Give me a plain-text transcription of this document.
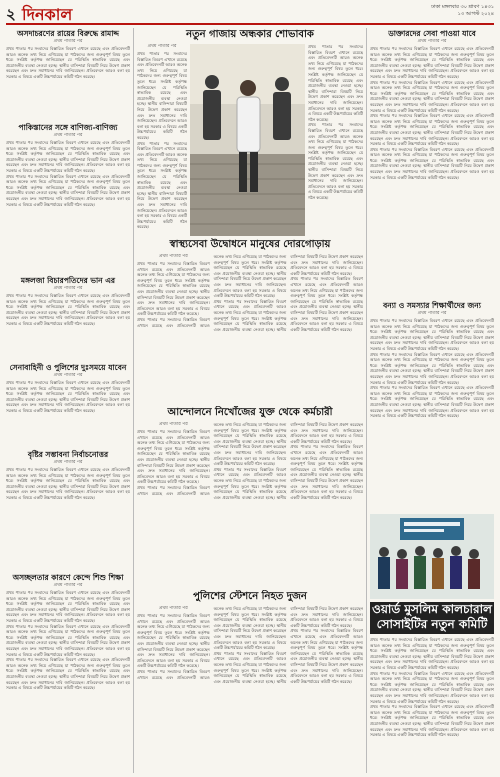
২ দিনকাল	ঢাকা মঙ্গলবার ৩০ শ্রাবণ ১৪৩১
১৩ আগস্ট ২০২৪
অসদাচরণের রায়ের বিরুদ্ধে রামাদ্দ
প্রথম পাতার পর
প্রথম পাতার পর সংবাদের বিস্তারিত বিবরণ এখানে রয়েছে এবং প্রতিবেদনটি আরও অনেক তথ্য নিয়ে এগিয়েছে যা পাঠকদের জন্য গুরুত্বপূর্ণ বিষয় তুলে ধরে। সংশ্লিষ্ট কর্তৃপক্ষ জানিয়েছেন যে পরিস্থিতি স্বাভাবিক রয়েছে এবং প্রয়োজনীয় ব্যবস্থা নেওয়া হচ্ছে। স্থানীয় বাসিন্দারা বিষয়টি নিয়ে উদ্বেগ প্রকাশ করেছেন এবং দ্রুত সমাধানের দাবি জানিয়েছেন। প্রতিবেদনে আরও বলা হয় সরকার এ বিষয়ে একটি উচ্চপর্যায়ের কমিটি গঠন করেছে।
পাকিস্তানের সঙ্গে বাণিজ্য-বাণিজ্য
প্রথম পাতার পর
প্রথম পাতার পর সংবাদের বিস্তারিত বিবরণ এখানে রয়েছে এবং প্রতিবেদনটি আরও অনেক তথ্য নিয়ে এগিয়েছে যা পাঠকদের জন্য গুরুত্বপূর্ণ বিষয় তুলে ধরে। সংশ্লিষ্ট কর্তৃপক্ষ জানিয়েছেন যে পরিস্থিতি স্বাভাবিক রয়েছে এবং প্রয়োজনীয় ব্যবস্থা নেওয়া হচ্ছে। স্থানীয় বাসিন্দারা বিষয়টি নিয়ে উদ্বেগ প্রকাশ করেছেন এবং দ্রুত সমাধানের দাবি জানিয়েছেন। প্রতিবেদনে আরও বলা হয় সরকার এ বিষয়ে একটি উচ্চপর্যায়ের কমিটি গঠন করেছে।
প্রথম পাতার পর সংবাদের বিস্তারিত বিবরণ এখানে রয়েছে এবং প্রতিবেদনটি আরও অনেক তথ্য নিয়ে এগিয়েছে যা পাঠকদের জন্য গুরুত্বপূর্ণ বিষয় তুলে ধরে। সংশ্লিষ্ট কর্তৃপক্ষ জানিয়েছেন যে পরিস্থিতি স্বাভাবিক রয়েছে এবং প্রয়োজনীয় ব্যবস্থা নেওয়া হচ্ছে। স্থানীয় বাসিন্দারা বিষয়টি নিয়ে উদ্বেগ প্রকাশ করেছেন এবং দ্রুত সমাধানের দাবি জানিয়েছেন। প্রতিবেদনে আরও বলা হয় সরকার এ বিষয়ে একটি উচ্চপর্যায়ের কমিটি গঠন করেছে।
মঙ্গলজা বিচারপতিদের ভান এর
প্রথম পাতার পর
প্রথম পাতার পর সংবাদের বিস্তারিত বিবরণ এখানে রয়েছে এবং প্রতিবেদনটি আরও অনেক তথ্য নিয়ে এগিয়েছে যা পাঠকদের জন্য গুরুত্বপূর্ণ বিষয় তুলে ধরে। সংশ্লিষ্ট কর্তৃপক্ষ জানিয়েছেন যে পরিস্থিতি স্বাভাবিক রয়েছে এবং প্রয়োজনীয় ব্যবস্থা নেওয়া হচ্ছে। স্থানীয় বাসিন্দারা বিষয়টি নিয়ে উদ্বেগ প্রকাশ করেছেন এবং দ্রুত সমাধানের দাবি জানিয়েছেন। প্রতিবেদনে আরও বলা হয় সরকার এ বিষয়ে একটি উচ্চপর্যায়ের কমিটি গঠন করেছে।
সেনাবাহিনী ও পুলিশের দুঃসময়ে যাবেন
প্রথম পাতার পর
প্রথম পাতার পর সংবাদের বিস্তারিত বিবরণ এখানে রয়েছে এবং প্রতিবেদনটি আরও অনেক তথ্য নিয়ে এগিয়েছে যা পাঠকদের জন্য গুরুত্বপূর্ণ বিষয় তুলে ধরে। সংশ্লিষ্ট কর্তৃপক্ষ জানিয়েছেন যে পরিস্থিতি স্বাভাবিক রয়েছে এবং প্রয়োজনীয় ব্যবস্থা নেওয়া হচ্ছে। স্থানীয় বাসিন্দারা বিষয়টি নিয়ে উদ্বেগ প্রকাশ করেছেন এবং দ্রুত সমাধানের দাবি জানিয়েছেন। প্রতিবেদনে আরও বলা হয় সরকার এ বিষয়ে একটি উচ্চপর্যায়ের কমিটি গঠন করেছে।
বৃষ্টির সম্ভাবনা নির্বাচনোত্তর
প্রথম পাতার পর
প্রথম পাতার পর সংবাদের বিস্তারিত বিবরণ এখানে রয়েছে এবং প্রতিবেদনটি আরও অনেক তথ্য নিয়ে এগিয়েছে যা পাঠকদের জন্য গুরুত্বপূর্ণ বিষয় তুলে ধরে। সংশ্লিষ্ট কর্তৃপক্ষ জানিয়েছেন যে পরিস্থিতি স্বাভাবিক রয়েছে এবং প্রয়োজনীয় ব্যবস্থা নেওয়া হচ্ছে। স্থানীয় বাসিন্দারা বিষয়টি নিয়ে উদ্বেগ প্রকাশ করেছেন এবং দ্রুত সমাধানের দাবি জানিয়েছেন। প্রতিবেদনে আরও বলা হয় সরকার এ বিষয়ে একটি উচ্চপর্যায়ের কমিটি গঠন করেছে।
অসচ্ছলতার কারণে কেন্দে শিশু শিক্ষা
প্রথম পাতার পর
প্রথম পাতার পর সংবাদের বিস্তারিত বিবরণ এখানে রয়েছে এবং প্রতিবেদনটি আরও অনেক তথ্য নিয়ে এগিয়েছে যা পাঠকদের জন্য গুরুত্বপূর্ণ বিষয় তুলে ধরে। সংশ্লিষ্ট কর্তৃপক্ষ জানিয়েছেন যে পরিস্থিতি স্বাভাবিক রয়েছে এবং প্রয়োজনীয় ব্যবস্থা নেওয়া হচ্ছে। স্থানীয় বাসিন্দারা বিষয়টি নিয়ে উদ্বেগ প্রকাশ করেছেন এবং দ্রুত সমাধানের দাবি জানিয়েছেন। প্রতিবেদনে আরও বলা হয় সরকার এ বিষয়ে একটি উচ্চপর্যায়ের কমিটি গঠন করেছে।
প্রথম পাতার পর সংবাদের বিস্তারিত বিবরণ এখানে রয়েছে এবং প্রতিবেদনটি আরও অনেক তথ্য নিয়ে এগিয়েছে যা পাঠকদের জন্য গুরুত্বপূর্ণ বিষয় তুলে ধরে। সংশ্লিষ্ট কর্তৃপক্ষ জানিয়েছেন যে পরিস্থিতি স্বাভাবিক রয়েছে এবং প্রয়োজনীয় ব্যবস্থা নেওয়া হচ্ছে। স্থানীয় বাসিন্দারা বিষয়টি নিয়ে উদ্বেগ প্রকাশ করেছেন এবং দ্রুত সমাধানের দাবি জানিয়েছেন। প্রতিবেদনে আরও বলা হয় সরকার এ বিষয়ে একটি উচ্চপর্যায়ের কমিটি গঠন করেছে।
প্রথম পাতার পর সংবাদের বিস্তারিত বিবরণ এখানে রয়েছে এবং প্রতিবেদনটি আরও অনেক তথ্য নিয়ে এগিয়েছে যা পাঠকদের জন্য গুরুত্বপূর্ণ বিষয় তুলে ধরে। সংশ্লিষ্ট কর্তৃপক্ষ জানিয়েছেন যে পরিস্থিতি স্বাভাবিক রয়েছে এবং প্রয়োজনীয় ব্যবস্থা নেওয়া হচ্ছে। স্থানীয় বাসিন্দারা বিষয়টি নিয়ে উদ্বেগ প্রকাশ করেছেন এবং দ্রুত সমাধানের দাবি জানিয়েছেন। প্রতিবেদনে আরও বলা হয় সরকার এ বিষয়ে একটি উচ্চপর্যায়ের কমিটি গঠন করেছে।
নতুন গাজায় অন্ধকার শোভাবাক
প্রথম পাতার পর
প্রথম পাতার পর সংবাদের বিস্তারিত বিবরণ এখানে রয়েছে এবং প্রতিবেদনটি আরও অনেক তথ্য নিয়ে এগিয়েছে যা পাঠকদের জন্য গুরুত্বপূর্ণ বিষয় তুলে ধরে। সংশ্লিষ্ট কর্তৃপক্ষ জানিয়েছেন যে পরিস্থিতি স্বাভাবিক রয়েছে এবং প্রয়োজনীয় ব্যবস্থা নেওয়া হচ্ছে। স্থানীয় বাসিন্দারা বিষয়টি নিয়ে উদ্বেগ প্রকাশ করেছেন এবং দ্রুত সমাধানের দাবি জানিয়েছেন। প্রতিবেদনে আরও বলা হয় সরকার এ বিষয়ে একটি উচ্চপর্যায়ের কমিটি গঠন করেছে।
প্রথম পাতার পর সংবাদের বিস্তারিত বিবরণ এখানে রয়েছে এবং প্রতিবেদনটি আরও অনেক তথ্য নিয়ে এগিয়েছে যা পাঠকদের জন্য গুরুত্বপূর্ণ বিষয় তুলে ধরে। সংশ্লিষ্ট কর্তৃপক্ষ জানিয়েছেন যে পরিস্থিতি স্বাভাবিক রয়েছে এবং প্রয়োজনীয় ব্যবস্থা নেওয়া হচ্ছে। স্থানীয় বাসিন্দারা বিষয়টি নিয়ে উদ্বেগ প্রকাশ করেছেন এবং দ্রুত সমাধানের দাবি জানিয়েছেন। প্রতিবেদনে আরও বলা হয় সরকার এ বিষয়ে একটি উচ্চপর্যায়ের কমিটি গঠন করেছে।
প্রথম পাতার পর সংবাদের বিস্তারিত বিবরণ এখানে রয়েছে এবং প্রতিবেদনটি আরও অনেক তথ্য নিয়ে এগিয়েছে যা পাঠকদের জন্য গুরুত্বপূর্ণ বিষয় তুলে ধরে। সংশ্লিষ্ট কর্তৃপক্ষ জানিয়েছেন যে পরিস্থিতি স্বাভাবিক রয়েছে এবং প্রয়োজনীয় ব্যবস্থা নেওয়া হচ্ছে। স্থানীয় বাসিন্দারা বিষয়টি নিয়ে উদ্বেগ প্রকাশ করেছেন এবং দ্রুত সমাধানের দাবি জানিয়েছেন। প্রতিবেদনে আরও বলা হয় সরকার এ বিষয়ে একটি উচ্চপর্যায়ের কমিটি গঠন করেছে।
প্রথম পাতার পর সংবাদের বিস্তারিত বিবরণ এখানে রয়েছে এবং প্রতিবেদনটি আরও অনেক তথ্য নিয়ে এগিয়েছে যা পাঠকদের জন্য গুরুত্বপূর্ণ বিষয় তুলে ধরে। সংশ্লিষ্ট কর্তৃপক্ষ জানিয়েছেন যে পরিস্থিতি স্বাভাবিক রয়েছে এবং প্রয়োজনীয় ব্যবস্থা নেওয়া হচ্ছে। স্থানীয় বাসিন্দারা বিষয়টি নিয়ে উদ্বেগ প্রকাশ করেছেন এবং দ্রুত সমাধানের দাবি জানিয়েছেন। প্রতিবেদনে আরও বলা হয় সরকার এ বিষয়ে একটি উচ্চপর্যায়ের কমিটি গঠন করেছে।
স্বাস্থ্যসেবা উদ্বোধনে মানুষের দোরগোড়ায়
প্রথম পাতার পর
প্রথম পাতার পর সংবাদের বিস্তারিত বিবরণ এখানে রয়েছে এবং প্রতিবেদনটি আরও অনেক তথ্য নিয়ে এগিয়েছে যা পাঠকদের জন্য গুরুত্বপূর্ণ বিষয় তুলে ধরে। সংশ্লিষ্ট কর্তৃপক্ষ জানিয়েছেন যে পরিস্থিতি স্বাভাবিক রয়েছে এবং প্রয়োজনীয় ব্যবস্থা নেওয়া হচ্ছে। স্থানীয় বাসিন্দারা বিষয়টি নিয়ে উদ্বেগ প্রকাশ করেছেন এবং দ্রুত সমাধানের দাবি জানিয়েছেন। প্রতিবেদনে আরও বলা হয় সরকার এ বিষয়ে একটি উচ্চপর্যায়ের কমিটি গঠন করেছে।
প্রথম পাতার পর সংবাদের বিস্তারিত বিবরণ এখানে রয়েছে এবং প্রতিবেদনটি আরও অনেক তথ্য নিয়ে এগিয়েছে যা পাঠকদের জন্য গুরুত্বপূর্ণ বিষয় তুলে ধরে। সংশ্লিষ্ট কর্তৃপক্ষ জানিয়েছেন যে পরিস্থিতি স্বাভাবিক রয়েছে এবং প্রয়োজনীয় ব্যবস্থা নেওয়া হচ্ছে। স্থানীয় বাসিন্দারা বিষয়টি নিয়ে উদ্বেগ প্রকাশ করেছেন এবং দ্রুত সমাধানের দাবি জানিয়েছেন। প্রতিবেদনে আরও বলা হয় সরকার এ বিষয়ে একটি উচ্চপর্যায়ের কমিটি গঠন করেছে।
প্রথম পাতার পর সংবাদের বিস্তারিত বিবরণ এখানে রয়েছে এবং প্রতিবেদনটি আরও অনেক তথ্য নিয়ে এগিয়েছে যা পাঠকদের জন্য গুরুত্বপূর্ণ বিষয় তুলে ধরে। সংশ্লিষ্ট কর্তৃপক্ষ জানিয়েছেন যে পরিস্থিতি স্বাভাবিক রয়েছে এবং প্রয়োজনীয় ব্যবস্থা নেওয়া হচ্ছে। স্থানীয় বাসিন্দারা বিষয়টি নিয়ে উদ্বেগ প্রকাশ করেছেন এবং দ্রুত সমাধানের দাবি জানিয়েছেন। প্রতিবেদনে আরও বলা হয় সরকার এ বিষয়ে একটি উচ্চপর্যায়ের কমিটি গঠন করেছে।
প্রথম পাতার পর সংবাদের বিস্তারিত বিবরণ এখানে রয়েছে এবং প্রতিবেদনটি আরও অনেক তথ্য নিয়ে এগিয়েছে যা পাঠকদের জন্য গুরুত্বপূর্ণ বিষয় তুলে ধরে। সংশ্লিষ্ট কর্তৃপক্ষ জানিয়েছেন যে পরিস্থিতি স্বাভাবিক রয়েছে এবং প্রয়োজনীয় ব্যবস্থা নেওয়া হচ্ছে। স্থানীয় বাসিন্দারা বিষয়টি নিয়ে উদ্বেগ প্রকাশ করেছেন এবং দ্রুত সমাধানের দাবি জানিয়েছেন। প্রতিবেদনে আরও বলা হয় সরকার এ বিষয়ে একটি উচ্চপর্যায়ের কমিটি গঠন করেছে।
আন্দোলনে নিখোঁজের যুক্ত থেকে কর্মচারী
প্রথম পাতার পর
প্রথম পাতার পর সংবাদের বিস্তারিত বিবরণ এখানে রয়েছে এবং প্রতিবেদনটি আরও অনেক তথ্য নিয়ে এগিয়েছে যা পাঠকদের জন্য গুরুত্বপূর্ণ বিষয় তুলে ধরে। সংশ্লিষ্ট কর্তৃপক্ষ জানিয়েছেন যে পরিস্থিতি স্বাভাবিক রয়েছে এবং প্রয়োজনীয় ব্যবস্থা নেওয়া হচ্ছে। স্থানীয় বাসিন্দারা বিষয়টি নিয়ে উদ্বেগ প্রকাশ করেছেন এবং দ্রুত সমাধানের দাবি জানিয়েছেন। প্রতিবেদনে আরও বলা হয় সরকার এ বিষয়ে একটি উচ্চপর্যায়ের কমিটি গঠন করেছে।
প্রথম পাতার পর সংবাদের বিস্তারিত বিবরণ এখানে রয়েছে এবং প্রতিবেদনটি আরও অনেক তথ্য নিয়ে এগিয়েছে যা পাঠকদের জন্য গুরুত্বপূর্ণ বিষয় তুলে ধরে। সংশ্লিষ্ট কর্তৃপক্ষ জানিয়েছেন যে পরিস্থিতি স্বাভাবিক রয়েছে এবং প্রয়োজনীয় ব্যবস্থা নেওয়া হচ্ছে। স্থানীয় বাসিন্দারা বিষয়টি নিয়ে উদ্বেগ প্রকাশ করেছেন এবং দ্রুত সমাধানের দাবি জানিয়েছেন। প্রতিবেদনে আরও বলা হয় সরকার এ বিষয়ে একটি উচ্চপর্যায়ের কমিটি গঠন করেছে।
প্রথম পাতার পর সংবাদের বিস্তারিত বিবরণ এখানে রয়েছে এবং প্রতিবেদনটি আরও অনেক তথ্য নিয়ে এগিয়েছে যা পাঠকদের জন্য গুরুত্বপূর্ণ বিষয় তুলে ধরে। সংশ্লিষ্ট কর্তৃপক্ষ জানিয়েছেন যে পরিস্থিতি স্বাভাবিক রয়েছে এবং প্রয়োজনীয় ব্যবস্থা নেওয়া হচ্ছে। স্থানীয় বাসিন্দারা বিষয়টি নিয়ে উদ্বেগ প্রকাশ করেছেন এবং দ্রুত সমাধানের দাবি জানিয়েছেন। প্রতিবেদনে আরও বলা হয় সরকার এ বিষয়ে একটি উচ্চপর্যায়ের কমিটি গঠন করেছে।
প্রথম পাতার পর সংবাদের বিস্তারিত বিবরণ এখানে রয়েছে এবং প্রতিবেদনটি আরও অনেক তথ্য নিয়ে এগিয়েছে যা পাঠকদের জন্য গুরুত্বপূর্ণ বিষয় তুলে ধরে। সংশ্লিষ্ট কর্তৃপক্ষ জানিয়েছেন যে পরিস্থিতি স্বাভাবিক রয়েছে এবং প্রয়োজনীয় ব্যবস্থা নেওয়া হচ্ছে। স্থানীয় বাসিন্দারা বিষয়টি নিয়ে উদ্বেগ প্রকাশ করেছেন এবং দ্রুত সমাধানের দাবি জানিয়েছেন। প্রতিবেদনে আরও বলা হয় সরকার এ বিষয়ে একটি উচ্চপর্যায়ের কমিটি গঠন করেছে।
পুলিশের স্টেশনে নিহত দুজন
প্রথম পাতার পর
প্রথম পাতার পর সংবাদের বিস্তারিত বিবরণ এখানে রয়েছে এবং প্রতিবেদনটি আরও অনেক তথ্য নিয়ে এগিয়েছে যা পাঠকদের জন্য গুরুত্বপূর্ণ বিষয় তুলে ধরে। সংশ্লিষ্ট কর্তৃপক্ষ জানিয়েছেন যে পরিস্থিতি স্বাভাবিক রয়েছে এবং প্রয়োজনীয় ব্যবস্থা নেওয়া হচ্ছে। স্থানীয় বাসিন্দারা বিষয়টি নিয়ে উদ্বেগ প্রকাশ করেছেন এবং দ্রুত সমাধানের দাবি জানিয়েছেন। প্রতিবেদনে আরও বলা হয় সরকার এ বিষয়ে একটি উচ্চপর্যায়ের কমিটি গঠন করেছে।
প্রথম পাতার পর সংবাদের বিস্তারিত বিবরণ এখানে রয়েছে এবং প্রতিবেদনটি আরও অনেক তথ্য নিয়ে এগিয়েছে যা পাঠকদের জন্য গুরুত্বপূর্ণ বিষয় তুলে ধরে। সংশ্লিষ্ট কর্তৃপক্ষ জানিয়েছেন যে পরিস্থিতি স্বাভাবিক রয়েছে এবং প্রয়োজনীয় ব্যবস্থা নেওয়া হচ্ছে। স্থানীয় বাসিন্দারা বিষয়টি নিয়ে উদ্বেগ প্রকাশ করেছেন এবং দ্রুত সমাধানের দাবি জানিয়েছেন। প্রতিবেদনে আরও বলা হয় সরকার এ বিষয়ে একটি উচ্চপর্যায়ের কমিটি গঠন করেছে।
প্রথম পাতার পর সংবাদের বিস্তারিত বিবরণ এখানে রয়েছে এবং প্রতিবেদনটি আরও অনেক তথ্য নিয়ে এগিয়েছে যা পাঠকদের জন্য গুরুত্বপূর্ণ বিষয় তুলে ধরে। সংশ্লিষ্ট কর্তৃপক্ষ জানিয়েছেন যে পরিস্থিতি স্বাভাবিক রয়েছে এবং প্রয়োজনীয় ব্যবস্থা নেওয়া হচ্ছে। স্থানীয় বাসিন্দারা বিষয়টি নিয়ে উদ্বেগ প্রকাশ করেছেন এবং দ্রুত সমাধানের দাবি জানিয়েছেন। প্রতিবেদনে আরও বলা হয় সরকার এ বিষয়ে একটি উচ্চপর্যায়ের কমিটি গঠন করেছে।
প্রথম পাতার পর সংবাদের বিস্তারিত বিবরণ এখানে রয়েছে এবং প্রতিবেদনটি আরও অনেক তথ্য নিয়ে এগিয়েছে যা পাঠকদের জন্য গুরুত্বপূর্ণ বিষয় তুলে ধরে। সংশ্লিষ্ট কর্তৃপক্ষ জানিয়েছেন যে পরিস্থিতি স্বাভাবিক রয়েছে এবং প্রয়োজনীয় ব্যবস্থা নেওয়া হচ্ছে। স্থানীয় বাসিন্দারা বিষয়টি নিয়ে উদ্বেগ প্রকাশ করেছেন এবং দ্রুত সমাধানের দাবি জানিয়েছেন। প্রতিবেদনে আরও বলা হয় সরকার এ বিষয়ে একটি উচ্চপর্যায়ের কমিটি গঠন করেছে।
ডাক্তারদের সেবা পাওয়া যাবে
প্রথম পাতার পর
প্রথম পাতার পর সংবাদের বিস্তারিত বিবরণ এখানে রয়েছে এবং প্রতিবেদনটি আরও অনেক তথ্য নিয়ে এগিয়েছে যা পাঠকদের জন্য গুরুত্বপূর্ণ বিষয় তুলে ধরে। সংশ্লিষ্ট কর্তৃপক্ষ জানিয়েছেন যে পরিস্থিতি স্বাভাবিক রয়েছে এবং প্রয়োজনীয় ব্যবস্থা নেওয়া হচ্ছে। স্থানীয় বাসিন্দারা বিষয়টি নিয়ে উদ্বেগ প্রকাশ করেছেন এবং দ্রুত সমাধানের দাবি জানিয়েছেন। প্রতিবেদনে আরও বলা হয় সরকার এ বিষয়ে একটি উচ্চপর্যায়ের কমিটি গঠন করেছে।
প্রথম পাতার পর সংবাদের বিস্তারিত বিবরণ এখানে রয়েছে এবং প্রতিবেদনটি আরও অনেক তথ্য নিয়ে এগিয়েছে যা পাঠকদের জন্য গুরুত্বপূর্ণ বিষয় তুলে ধরে। সংশ্লিষ্ট কর্তৃপক্ষ জানিয়েছেন যে পরিস্থিতি স্বাভাবিক রয়েছে এবং প্রয়োজনীয় ব্যবস্থা নেওয়া হচ্ছে। স্থানীয় বাসিন্দারা বিষয়টি নিয়ে উদ্বেগ প্রকাশ করেছেন এবং দ্রুত সমাধানের দাবি জানিয়েছেন। প্রতিবেদনে আরও বলা হয় সরকার এ বিষয়ে একটি উচ্চপর্যায়ের কমিটি গঠন করেছে।
প্রথম পাতার পর সংবাদের বিস্তারিত বিবরণ এখানে রয়েছে এবং প্রতিবেদনটি আরও অনেক তথ্য নিয়ে এগিয়েছে যা পাঠকদের জন্য গুরুত্বপূর্ণ বিষয় তুলে ধরে। সংশ্লিষ্ট কর্তৃপক্ষ জানিয়েছেন যে পরিস্থিতি স্বাভাবিক রয়েছে এবং প্রয়োজনীয় ব্যবস্থা নেওয়া হচ্ছে। স্থানীয় বাসিন্দারা বিষয়টি নিয়ে উদ্বেগ প্রকাশ করেছেন এবং দ্রুত সমাধানের দাবি জানিয়েছেন। প্রতিবেদনে আরও বলা হয় সরকার এ বিষয়ে একটি উচ্চপর্যায়ের কমিটি গঠন করেছে।
প্রথম পাতার পর সংবাদের বিস্তারিত বিবরণ এখানে রয়েছে এবং প্রতিবেদনটি আরও অনেক তথ্য নিয়ে এগিয়েছে যা পাঠকদের জন্য গুরুত্বপূর্ণ বিষয় তুলে ধরে। সংশ্লিষ্ট কর্তৃপক্ষ জানিয়েছেন যে পরিস্থিতি স্বাভাবিক রয়েছে এবং প্রয়োজনীয় ব্যবস্থা নেওয়া হচ্ছে। স্থানীয় বাসিন্দারা বিষয়টি নিয়ে উদ্বেগ প্রকাশ করেছেন এবং দ্রুত সমাধানের দাবি জানিয়েছেন। প্রতিবেদনে আরও বলা হয় সরকার এ বিষয়ে একটি উচ্চপর্যায়ের কমিটি গঠন করেছে।
বন্যা ও সমস্যার শিক্ষার্থীদের জন্য
প্রথম পাতার পর
প্রথম পাতার পর সংবাদের বিস্তারিত বিবরণ এখানে রয়েছে এবং প্রতিবেদনটি আরও অনেক তথ্য নিয়ে এগিয়েছে যা পাঠকদের জন্য গুরুত্বপূর্ণ বিষয় তুলে ধরে। সংশ্লিষ্ট কর্তৃপক্ষ জানিয়েছেন যে পরিস্থিতি স্বাভাবিক রয়েছে এবং প্রয়োজনীয় ব্যবস্থা নেওয়া হচ্ছে। স্থানীয় বাসিন্দারা বিষয়টি নিয়ে উদ্বেগ প্রকাশ করেছেন এবং দ্রুত সমাধানের দাবি জানিয়েছেন। প্রতিবেদনে আরও বলা হয় সরকার এ বিষয়ে একটি উচ্চপর্যায়ের কমিটি গঠন করেছে।
প্রথম পাতার পর সংবাদের বিস্তারিত বিবরণ এখানে রয়েছে এবং প্রতিবেদনটি আরও অনেক তথ্য নিয়ে এগিয়েছে যা পাঠকদের জন্য গুরুত্বপূর্ণ বিষয় তুলে ধরে। সংশ্লিষ্ট কর্তৃপক্ষ জানিয়েছেন যে পরিস্থিতি স্বাভাবিক রয়েছে এবং প্রয়োজনীয় ব্যবস্থা নেওয়া হচ্ছে। স্থানীয় বাসিন্দারা বিষয়টি নিয়ে উদ্বেগ প্রকাশ করেছেন এবং দ্রুত সমাধানের দাবি জানিয়েছেন। প্রতিবেদনে আরও বলা হয় সরকার এ বিষয়ে একটি উচ্চপর্যায়ের কমিটি গঠন করেছে।
প্রথম পাতার পর সংবাদের বিস্তারিত বিবরণ এখানে রয়েছে এবং প্রতিবেদনটি আরও অনেক তথ্য নিয়ে এগিয়েছে যা পাঠকদের জন্য গুরুত্বপূর্ণ বিষয় তুলে ধরে। সংশ্লিষ্ট কর্তৃপক্ষ জানিয়েছেন যে পরিস্থিতি স্বাভাবিক রয়েছে এবং প্রয়োজনীয় ব্যবস্থা নেওয়া হচ্ছে। স্থানীয় বাসিন্দারা বিষয়টি নিয়ে উদ্বেগ প্রকাশ করেছেন এবং দ্রুত সমাধানের দাবি জানিয়েছেন। প্রতিবেদনে আরও বলা হয় সরকার এ বিষয়ে একটি উচ্চপর্যায়ের কমিটি গঠন করেছে।
ওয়ার্ড মুসলিম কালচারাল সোসাইটির নতুন কমিটি
প্রথম পাতার পর সংবাদের বিস্তারিত বিবরণ এখানে রয়েছে এবং প্রতিবেদনটি আরও অনেক তথ্য নিয়ে এগিয়েছে যা পাঠকদের জন্য গুরুত্বপূর্ণ বিষয় তুলে ধরে। সংশ্লিষ্ট কর্তৃপক্ষ জানিয়েছেন যে পরিস্থিতি স্বাভাবিক রয়েছে এবং প্রয়োজনীয় ব্যবস্থা নেওয়া হচ্ছে। স্থানীয় বাসিন্দারা বিষয়টি নিয়ে উদ্বেগ প্রকাশ করেছেন এবং দ্রুত সমাধানের দাবি জানিয়েছেন। প্রতিবেদনে আরও বলা হয় সরকার এ বিষয়ে একটি উচ্চপর্যায়ের কমিটি গঠন করেছে।
প্রথম পাতার পর সংবাদের বিস্তারিত বিবরণ এখানে রয়েছে এবং প্রতিবেদনটি আরও অনেক তথ্য নিয়ে এগিয়েছে যা পাঠকদের জন্য গুরুত্বপূর্ণ বিষয় তুলে ধরে। সংশ্লিষ্ট কর্তৃপক্ষ জানিয়েছেন যে পরিস্থিতি স্বাভাবিক রয়েছে এবং প্রয়োজনীয় ব্যবস্থা নেওয়া হচ্ছে। স্থানীয় বাসিন্দারা বিষয়টি নিয়ে উদ্বেগ প্রকাশ করেছেন এবং দ্রুত সমাধানের দাবি জানিয়েছেন। প্রতিবেদনে আরও বলা হয় সরকার এ বিষয়ে একটি উচ্চপর্যায়ের কমিটি গঠন করেছে।
প্রথম পাতার পর সংবাদের বিস্তারিত বিবরণ এখানে রয়েছে এবং প্রতিবেদনটি আরও অনেক তথ্য নিয়ে এগিয়েছে যা পাঠকদের জন্য গুরুত্বপূর্ণ বিষয় তুলে ধরে। সংশ্লিষ্ট কর্তৃপক্ষ জানিয়েছেন যে পরিস্থিতি স্বাভাবিক রয়েছে এবং প্রয়োজনীয় ব্যবস্থা নেওয়া হচ্ছে। স্থানীয় বাসিন্দারা বিষয়টি নিয়ে উদ্বেগ প্রকাশ করেছেন এবং দ্রুত সমাধানের দাবি জানিয়েছেন। প্রতিবেদনে আরও বলা হয় সরকার এ বিষয়ে একটি উচ্চপর্যায়ের কমিটি গঠন করেছে।
